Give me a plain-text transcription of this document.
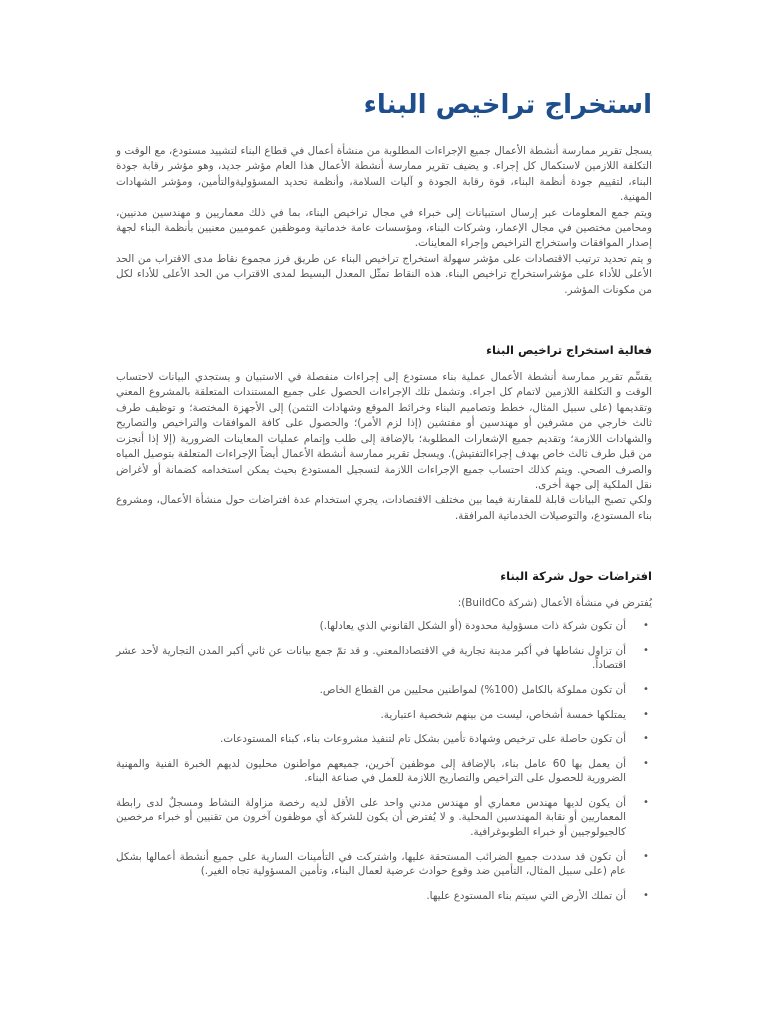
استخراج تراخيص البناء

يسجل تقرير ممارسة أنشطة الأعمال جميع الإجراءات المطلوبة من منشأة أعمال في قطاع البناء لتشييد مستودع، مع الوقت و التكلفة اللازمين لاستكمال كل إجراء. و يضيف تقرير ممارسة أنشطة الأعمال هذا العام مؤشر جديد، وهو مؤشر رقابة جودة البناء، لتقييم جودة أنظمة البناء، قوة رقابة الجودة و آليات السلامة، وأنظمة تحديد المسؤوليةوالتأمين، ومؤشر الشهادات المهنية.

ويتم جمع المعلومات عبر إرسال استبيانات إلى خبراء في مجال تراخيص البناء، بما في ذلك معماريين و مهندسين مدنيين، ومحامين مختصين في مجال الإعمار، وشركات البناء، ومؤسسات عامة خدماتية وموظفين عموميين معنيين بأنظمة البناء لجهة إصدار الموافقات واستخراج التراخيص وإجراء المعاينات.

و يتم تحديد ترتيب الاقتصادات على مؤشر سهولة استخراج تراخيص البناء عن طريق فرز مجموع نقاط مدى الاقتراب من الحد الأعلى للأداء على مؤشراستخراج تراخيص البناء. هذه النقاط تمثّل المعدل البسيط لمدى الاقتراب من الحد الأعلى للأداء لكل من مكونات المؤشر.

فعالية استخراج تراخيص البناء

يقسِّم تقرير ممارسة أنشطة الأعمال عملية بناء مستودع إلى إجراءات منفصلة في الاستبيان و يستجدي البيانات لاحتساب الوقت و التكلفة اللازمين لاتمام كل اجراء. وتشمل تلك الإجراءات الحصول على جميع المستندات المتعلقة بالمشروع المعني وتقديمها (على سبيل المثال، خطط وتصاميم البناء وخرائط الموقع وشهادات التثمن) إلى الأجهزة المختصة؛ و توظيف طرف ثالث خارجي من مشرفين أو مهندسين أو مفتشين (إذا لزم الأمر)؛ والحصول على كافة الموافقات والتراخيص والتصاريح والشهادات اللازمة؛ وتقديم جميع الإشعارات المطلوبة؛ بالإضافة إلى طلب وإتمام عمليات المعاينات الضرورية (إلا إذا أنجزت من قبل طرف ثالث خاص بهدف إجراءالتفتيش). ويسجل تقرير ممارسة أنشطة الأعمال أيضاً الإجراءات المتعلقة بتوصيل المياه والصرف الصحي. ويتم كذلك احتساب جميع الإجراءات اللازمة لتسجيل المستودع بحيث يمكن استخدامه كضمانة أو لأغراض نقل الملكية إلى جهة أخرى.

ولكي تصبح البيانات قابلة للمقارنة فيما بين مختلف الاقتصادات، يجري استخدام عدة افتراضات حول منشأة الأعمال، ومشروع بناء المستودع، والتوصيلات الخدماتية المرافقة.

افتراضات حول شركة البناء

يُفترض في منشأة الأعمال (شركة BuildCo):

•
أن تكون شركة ذات مسؤولية محدودة (أو الشكل القانوني الذي يعادلها.)
•
أن تزاول نشاطها في أكبر مدينة تجارية في الاقتصادالمعني. و قد تمّ جمع بيانات عن ثاني أكبر المدن التجارية لأحد عشر اقتصاداً.
•
أن تكون مملوكة بالكامل (100%) لمواطنين محليين من القطاع الخاص.
•
يمتلكها خمسة أشخاص، ليست من بينهم شخصية اعتبارية.
•
أن تكون حاصلة على ترخيص وشهادة تأمين بشكل تام لتنفيذ مشروعات بناء، كبناء المستودعات.
•
أن يعمل بها 60 عامل بناء، بالإضافة إلى موظفين آخرين، جميعهم مواطنون محليون لديهم الخبرة الفنية والمهنية الضرورية للحصول على التراخيص والتصاريح اللازمة للعمل في صناعة البناء.
•
أن يكون لديها مهندس معماري أو مهندس مدني واحد على الأقل لديه رخصة مزاولة النشاط ومسجلٌ لدى رابطة المعماريين أو نقابة المهندسين المحلية. و لا يُفترض أن يكون للشركة أي موظفون آخرون من تقنيين أو خبراء مرخصين كالجيولوجيين أو خبراء الطوبوغرافية.
•
أن تكون قد سددت جميع الضرائب المستحقة عليها، واشتركت في التأمينات السارية على جميع أنشطة أعمالها بشكل عام (على سبيل المثال، التأمين ضد وقوع حوادث عرضية لعمال البناء، وتأمين المسؤولية تجاه الغير.)
•
أن تملك الأرض التي سيتم بناء المستودع عليها.
